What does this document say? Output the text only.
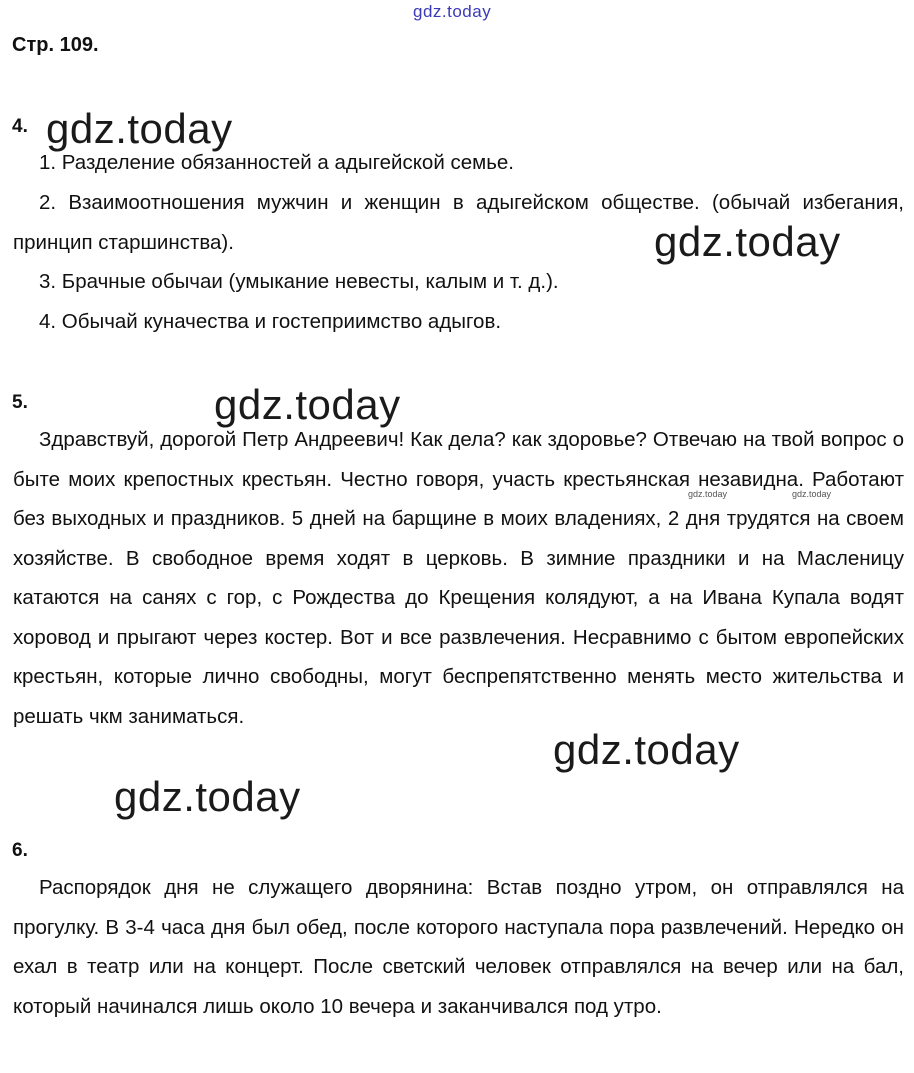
gdz.today
Стр. 109.
4. gdz.today
1. Разделение обязанностей а адыгейской семье.
2. Взаимоотношения мужчин и женщин в адыгейском обществе. (обычай избегания, принцип старшинства).	gdz.today
3. Брачные обычаи (умыкание невесты, калым и т. д.).
4. Обычай куначества и гостеприимство адыгов.
5.	gdz.today
Здравствуй, дорогой Петр Андреевич! Как дела? как здоровье? Отвечаю на твой вопрос о быте моих крепостных крестьян. Честно говоря, участь крестьянская незавидна. Работают без выходных и праздников. 5 дней на барщине в моих владениях, 2 дня трудятся на своем хозяйстве. В свободное время ходят в церковь. В зимние праздники и на Масленицу катаются на санях с гор, с Рождества до Крещения колядуют, а на Ивана Купала водят хоровод и прыгают через костер. Вот и все развлечения. Несравнимо с бытом европейских крестьян, которые лично свободны, могут беспрепятственно менять место жительства и решать чкм заниматься.
gdz.today	gdz.today
gdz.today
gdz.today
6.
Распорядок дня не служащего дворянина: Встав поздно утром, он отправлялся на прогулку. В 3-4 часа дня был обед, после которого наступала пора развлечений. Нередко он ехал в театр или на концерт. После светский человек отправлялся на вечер или на бал, который начинался лишь около 10 вечера и заканчивался под утро.
